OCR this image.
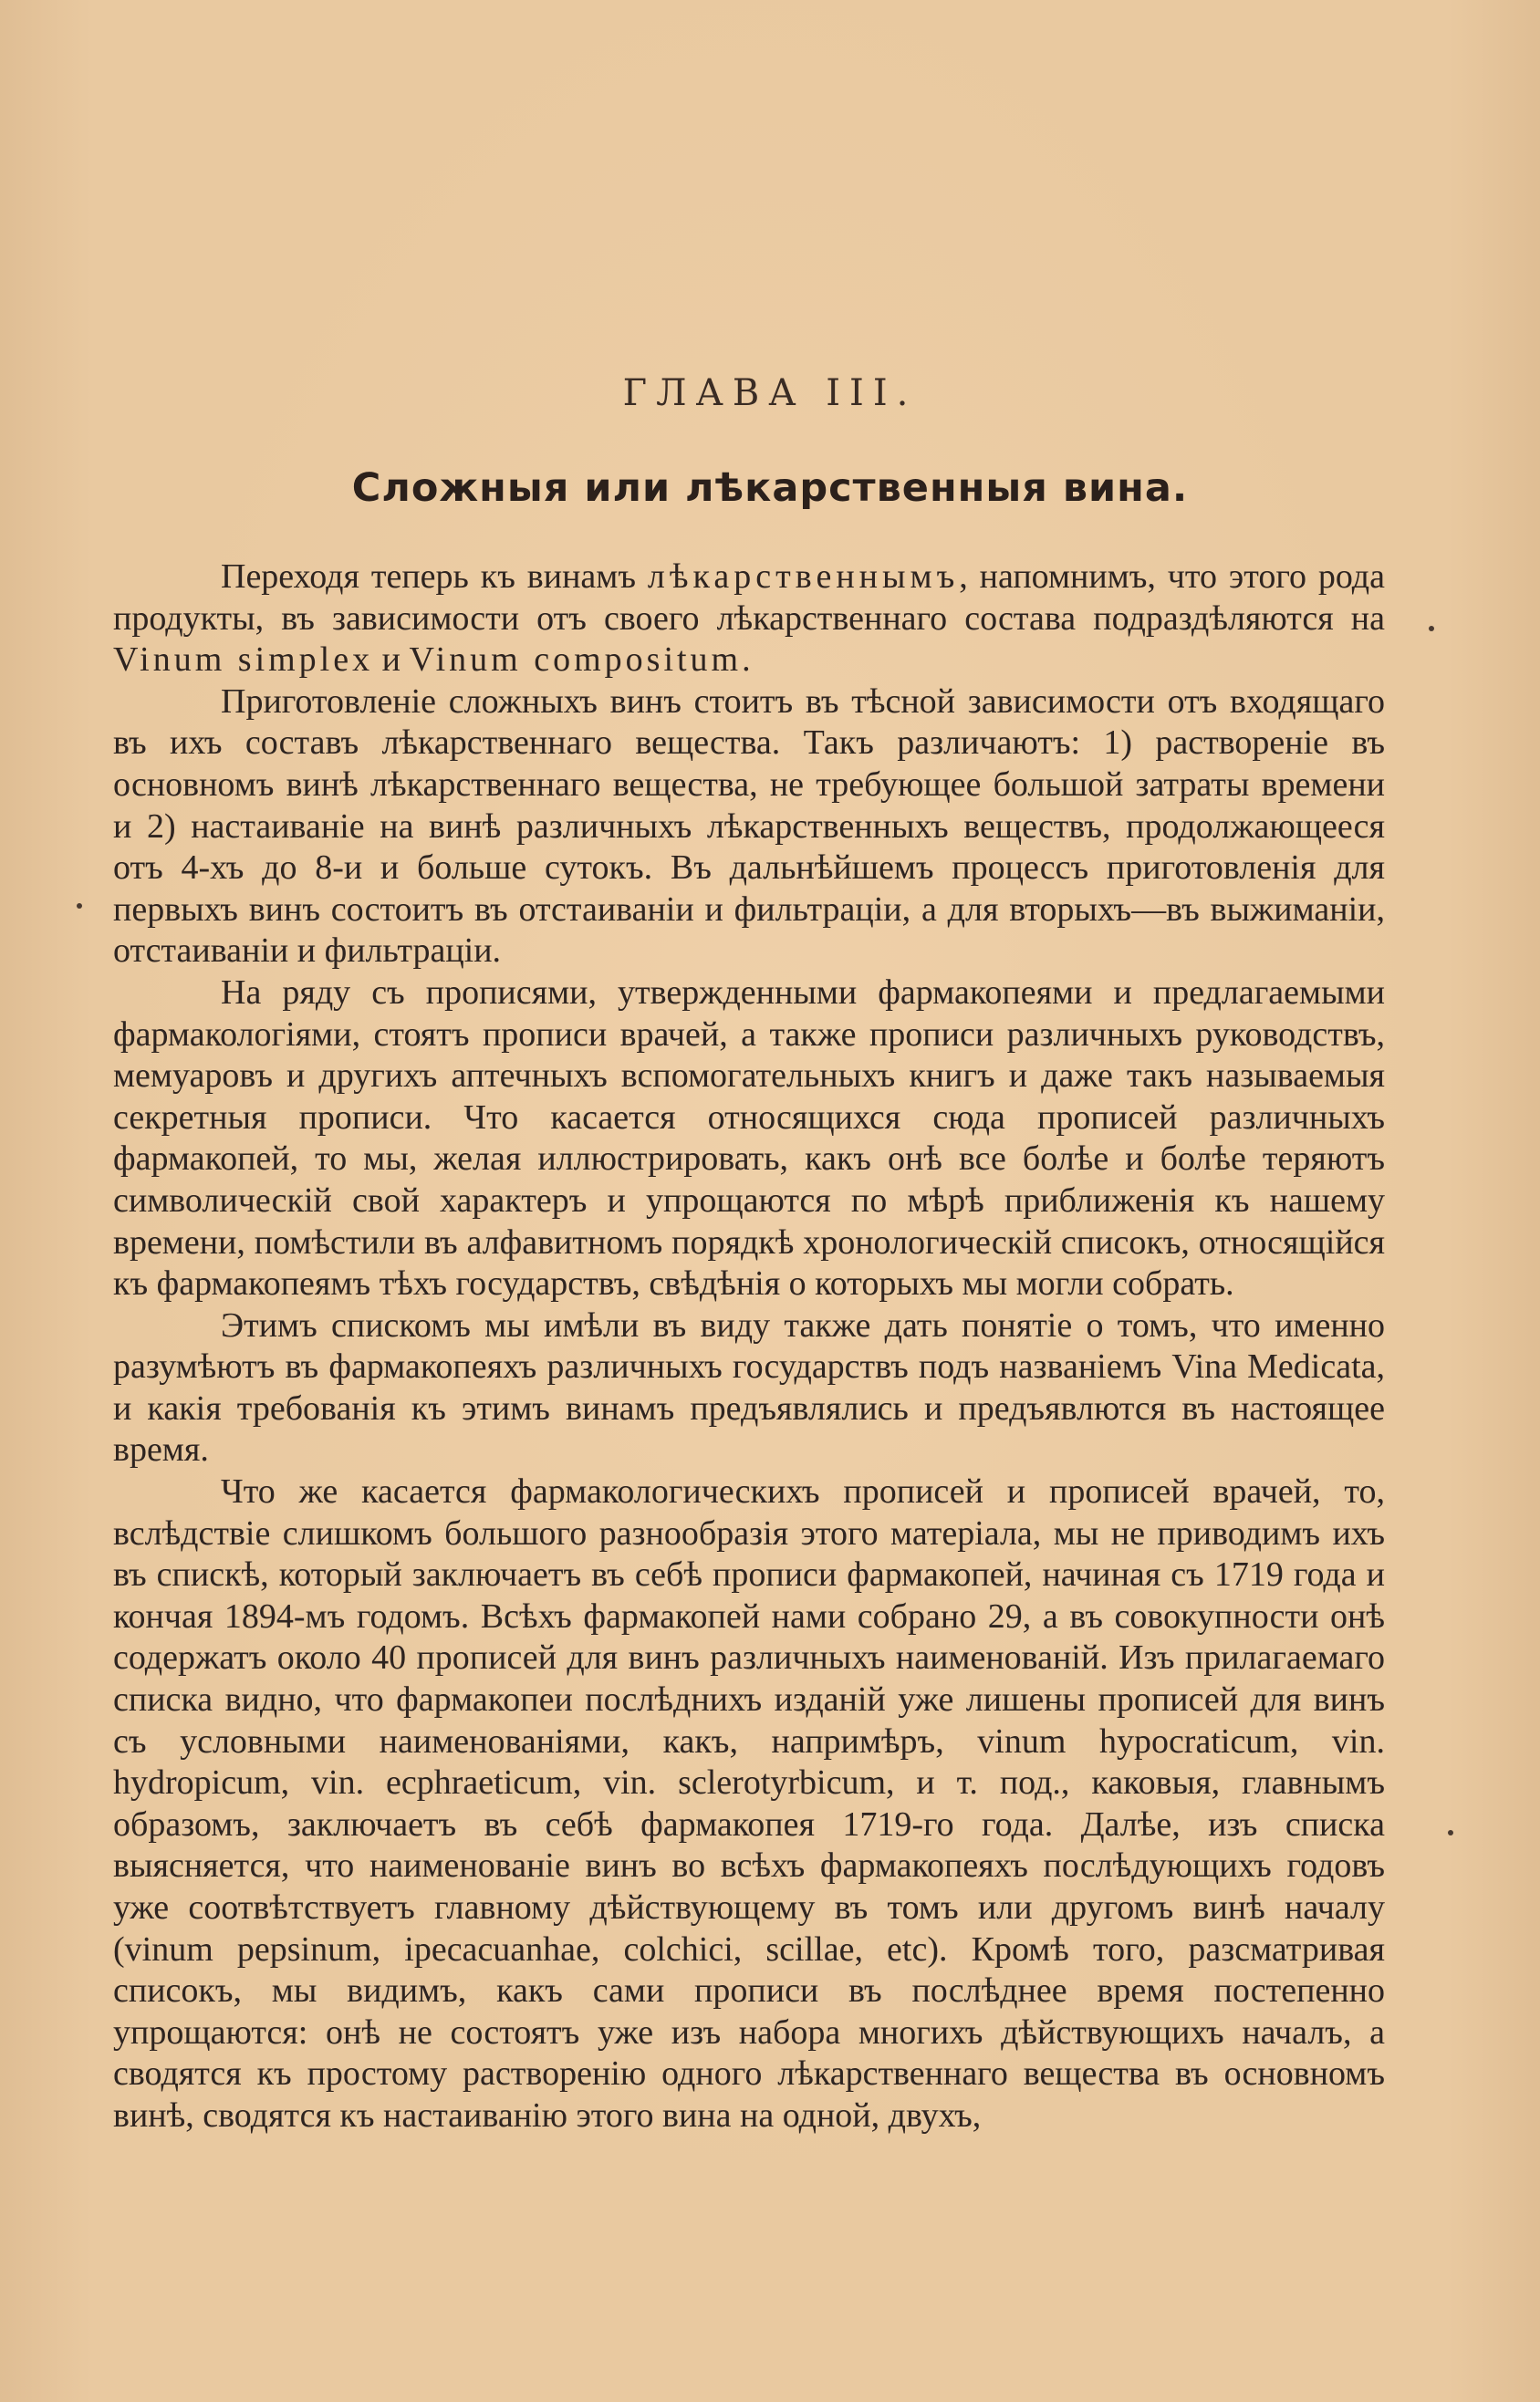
ГЛАВА III.
Сложныя или лѣкарственныя вина.

Переходя теперь къ винамъ лѣкарственнымъ, напомнимъ, что этого рода продукты, въ зависимости отъ своего лѣкарственнаго состава подраздѣляются на Vinum simplex и Vinum compositum.

Приготовленіе сложныхъ винъ стоитъ въ тѣсной зависимости отъ входящаго въ ихъ составъ лѣкарственнаго вещества. Такъ различаютъ: 1) раствореніе въ основномъ винѣ лѣкарственнаго вещества, не требующее большой затраты времени и 2) настаиваніе на винѣ различныхъ лѣкарственныхъ веществъ, продолжающееся отъ 4-хъ до 8-и и больше сутокъ. Въ дальнѣйшемъ процессъ приготовленія для первыхъ винъ состоитъ въ отстаиваніи и фильтраціи, а для вторыхъ—въ выжиманіи, отстаиваніи и фильтраціи.

На ряду съ прописями, утвержденными фармакопеями и предлагаемыми фармакологіями, стоятъ прописи врачей, а также прописи различныхъ руководствъ, мемуаровъ и другихъ аптечныхъ вспомогательныхъ книгъ и даже такъ называемыя секретныя прописи. Что касается относящихся сюда прописей различныхъ фармакопей, то мы, желая иллюстрировать, какъ онѣ все болѣе и болѣе теряютъ символическій свой характеръ и упрощаются по мѣрѣ приближенія къ нашему времени, помѣстили въ алфавитномъ порядкѣ хронологическій списокъ, относящійся къ фармакопеямъ тѣхъ государствъ, свѣдѣнія о которыхъ мы могли собрать.

Этимъ спискомъ мы имѣли въ виду также дать понятіе о томъ, что именно разумѣютъ въ фармакопеяхъ различныхъ государствъ подъ названіемъ Vina Medicata, и какія требованія къ этимъ винамъ предъявлялись и предъявлются въ настоящее время.

Что же касается фармакологическихъ прописей и прописей врачей, то, вслѣдствіе слишкомъ большого разнообразія этого матеріала, мы не приводимъ ихъ въ спискѣ, который заключаетъ въ себѣ прописи фармакопей, начиная съ 1719 года и кончая 1894-мъ годомъ. Всѣхъ фармакопей нами собрано 29, а въ совокупности онѣ содержатъ около 40 прописей для винъ различныхъ наименованій. Изъ прилагаемаго списка видно, что фармакопеи послѣднихъ изданій уже лишены прописей для винъ съ условными наименованіями, какъ, напримѣръ, vinum hypocraticum, vin. hydropicum, vin. ecphraeticum, vin. sclerotyrbicum, и т. под., каковыя, главнымъ образомъ, заключаетъ въ себѣ фармакопея 1719-го года. Далѣе, изъ списка выясняется, что наименованіе винъ во всѣхъ фармакопеяхъ послѣдующихъ годовъ уже соотвѣтствуетъ главному дѣйствующему въ томъ или другомъ винѣ началу (vinum pepsinum, ipecacuanhae, colchici, scillae, etc). Кромѣ того, разсматривая списокъ, мы видимъ, какъ сами прописи въ послѣднее время постепенно упрощаются: онѣ не состоятъ уже изъ набора многихъ дѣйствующихъ началъ, а сводятся къ простому растворенію одного лѣкарственнаго вещества въ основномъ винѣ, сводятся къ настаиванію этого вина на одной, двухъ,
